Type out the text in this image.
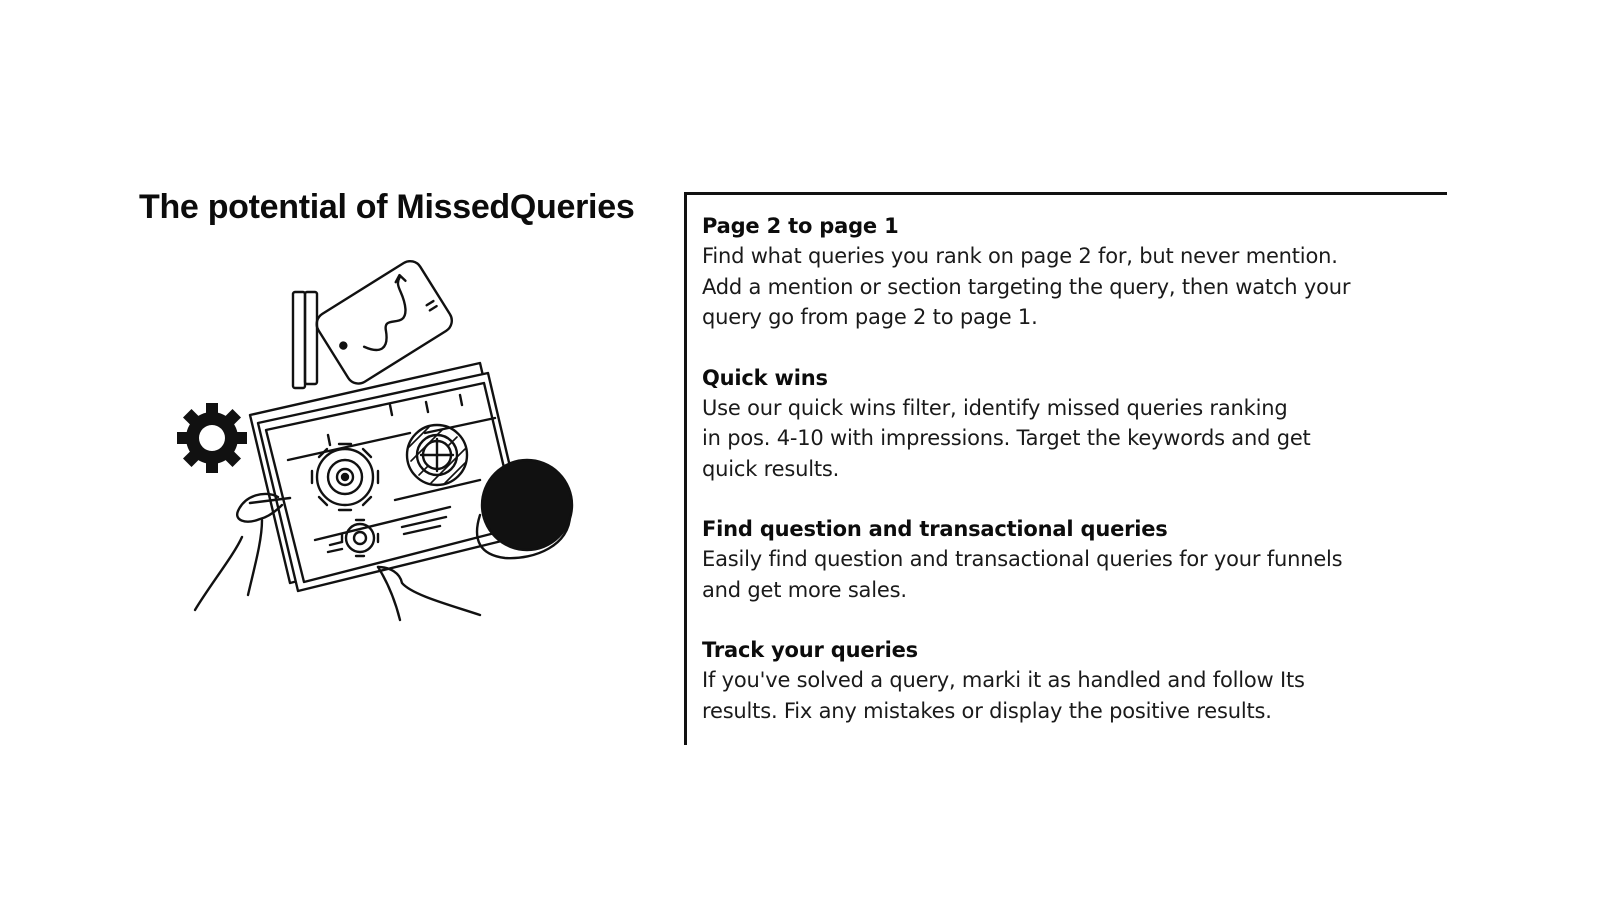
The potential of MissedQueries	Page 2 to page 1
Find what queries you rank on page 2 for, but never mention.
Add a mention or section targeting the query, then watch your
query go from page 2 to page 1.
Quick wins
Use our quick wins filter, identify missed queries ranking
in pos. 4-10 with impressions. Target the keywords and get
quick results.
Find question and transactional queries
Easily find question and transactional queries for your funnels
and get more sales.
Track your queries
If you've solved a query, marki it as handled and follow Its
results. Fix any mistakes or display the positive results.
